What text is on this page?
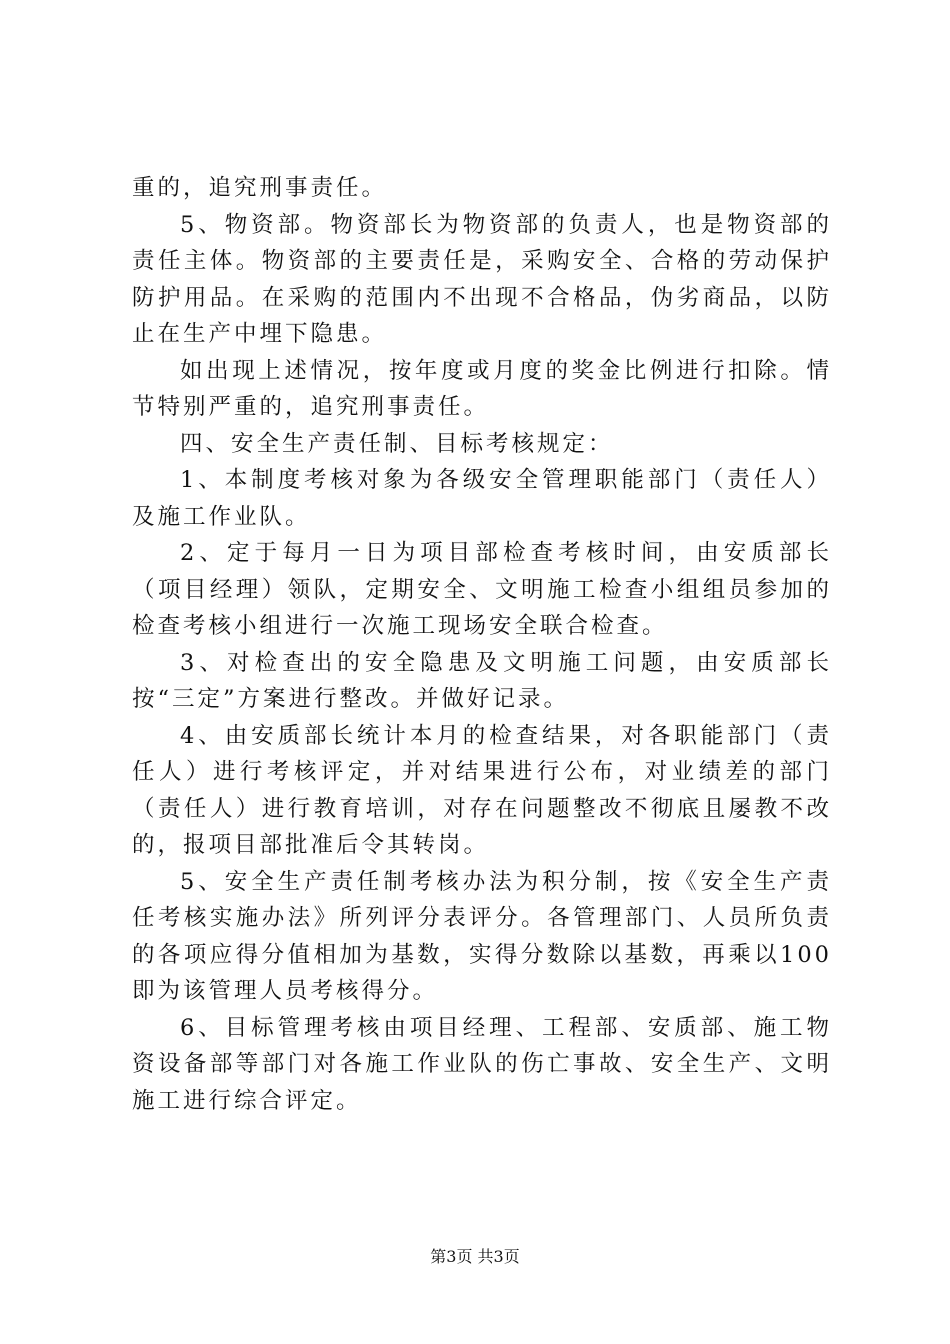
重的，追究刑事责任。

5、物资部。物资部长为物资部的负责人，也是物资部的责任主体。物资部的主要责任是，采购安全、合格的劳动保护防护用品。在采购的范围内不出现不合格品，伪劣商品，以防止在生产中埋下隐患。

如出现上述情况，按年度或月度的奖金比例进行扣除。情节特别严重的，追究刑事责任。

四、安全生产责任制、目标考核规定：

1、本制度考核对象为各级安全管理职能部门（责任人）及施工作业队。

2、定于每月一日为项目部检查考核时间，由安质部长（项目经理）领队，定期安全、文明施工检查小组组员参加的检查考核小组进行一次施工现场安全联合检查。

3、对检查出的安全隐患及文明施工问题，由安质部长按“三定”方案进行整改。并做好记录。

4、由安质部长统计本月的检查结果，对各职能部门（责任人）进行考核评定，并对结果进行公布，对业绩差的部门（责任人）进行教育培训，对存在问题整改不彻底且屡教不改的，报项目部批准后令其转岗。

5、安全生产责任制考核办法为积分制，按《安全生产责任考核实施办法》所列评分表评分。各管理部门、人员所负责的各项应得分值相加为基数，实得分数除以基数，再乘以100即为该管理人员考核得分。

6、目标管理考核由项目经理、工程部、安质部、施工物资设备部等部门对各施工作业队的伤亡事故、安全生产、文明施工进行综合评定。

第3页 共3页
